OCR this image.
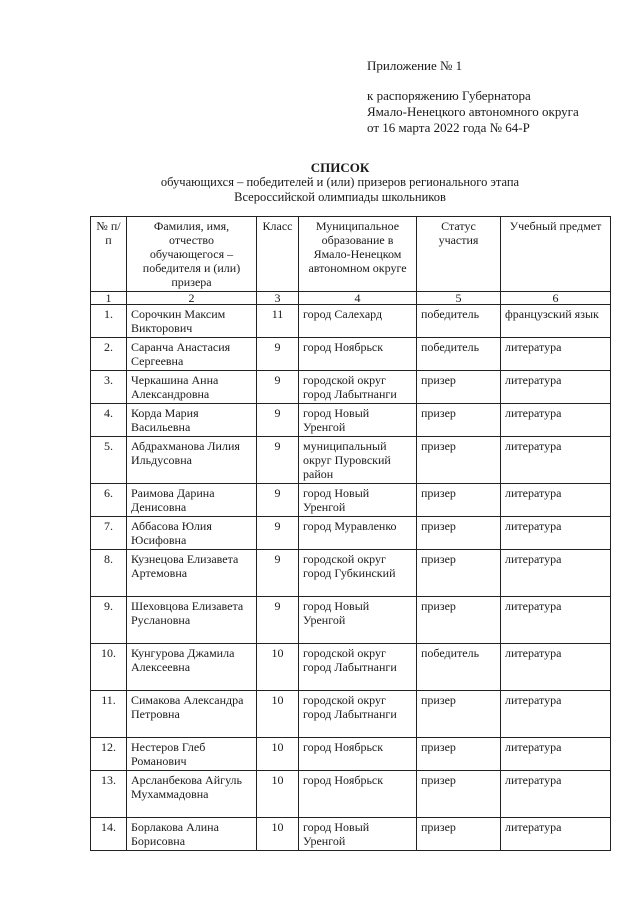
Приложение № 1
к распоряжению Губернатора
Ямало-Ненецкого автономного округа
от 16 марта 2022 года № 64-Р
СПИСОК
обучающихся – победителей и (или) призеров регионального этапа
Всероссийской олимпиады школьников
№ п/п	Фамилия, имя, отчество обучающегося – победителя и (или) призера	Класс	Муниципальное образование в Ямало-Ненецком автономном округе	Статус участия	Учебный предмет
1	2	3	4	5	6
1.	Сорочкин Максим Викторович	11	город Салехард	победитель	французский язык
2.	Саранча Анастасия Сергеевна	9	город Ноябрьск	победитель	литература
3.	Черкашина Анна Александровна	9	городской округ город Лабытнанги	призер	литература
4.	Корда Мария Васильевна	9	город Новый Уренгой	призер	литература
5.	Абдрахманова Лилия Ильдусовна	9	муниципальный округ Пуровский район	призер	литература
6.	Раимова Дарина Денисовна	9	город Новый Уренгой	призер	литература
7.	Аббасова Юлия Юсифовна	9	город Муравленко	призер	литература
8.	Кузнецова Елизавета Артемовна	9	городской округ город Губкинский	призер	литература
9.	Шеховцова Елизавета Руслановна	9	город Новый Уренгой	призер	литература
10.	Кунгурова Джамила Алексеевна	10	городской округ город Лабытнанги	победитель	литература
11.	Симакова Александра Петровна	10	городской округ город Лабытнанги	призер	литература
12.	Нестеров Глеб Романович	10	город Ноябрьск	призер	литература
13.	Арсланбекова Айгуль Мухаммадовна	10	город Ноябрьск	призер	литература
14.	Борлакова Алина Борисовна	10	город Новый Уренгой	призер	литература
